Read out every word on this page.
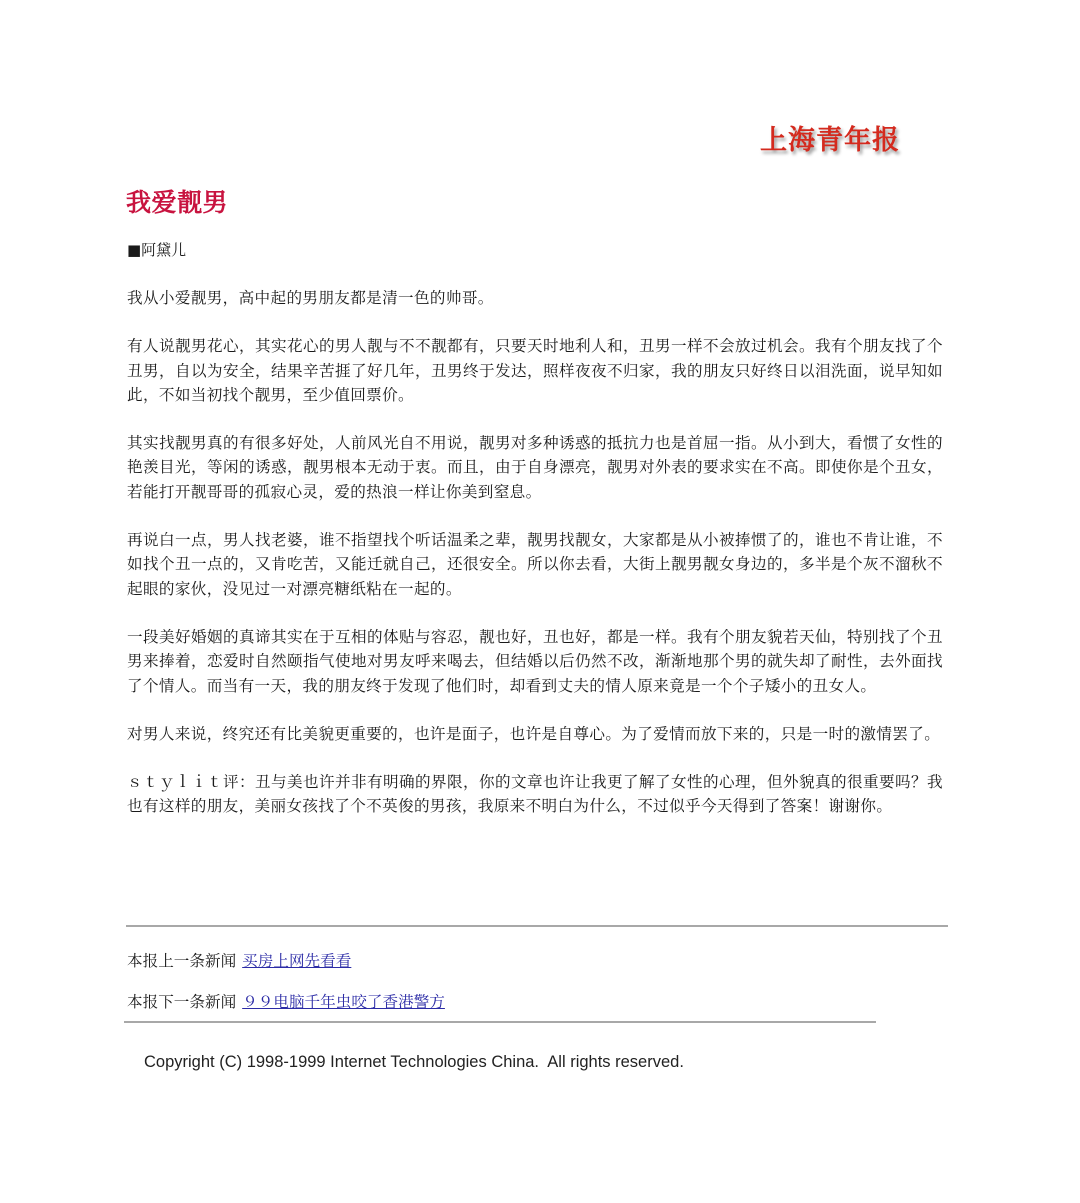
上海青年报
我爱靓男
■阿黛儿

我从小爱靓男，高中起的男朋友都是清一色的帅哥。

有人说靓男花心，其实花心的男人靓与不不靓都有，只要天时地利人和，丑男一样不会放过机会。我有个朋友找了个丑男，自以为安全，结果辛苦捱了好几年，丑男终于发达，照样夜夜不归家，我的朋友只好终日以泪洗面，说早知如此，不如当初找个靓男，至少值回票价。

其实找靓男真的有很多好处，人前风光自不用说，靓男对多种诱惑的抵抗力也是首屈一指。从小到大，看惯了女性的艳羡目光，等闲的诱惑，靓男根本无动于衷。而且，由于自身漂亮，靓男对外表的要求实在不高。即使你是个丑女，若能打开靓哥哥的孤寂心灵，爱的热浪一样让你美到窒息。

再说白一点，男人找老婆，谁不指望找个听话温柔之辈，靓男找靓女，大家都是从小被捧惯了的，谁也不肯让谁，不如找个丑一点的，又肯吃苦，又能迁就自己，还很安全。所以你去看，大街上靓男靓女身边的，多半是个灰不溜秋不起眼的家伙，没见过一对漂亮糖纸粘在一起的。

一段美好婚姻的真谛其实在于互相的体贴与容忍，靓也好，丑也好，都是一样。我有个朋友貌若天仙，特别找了个丑男来捧着，恋爱时自然颐指气使地对男友呼来喝去，但结婚以后仍然不改，渐渐地那个男的就失却了耐性，去外面找了个情人。而当有一天，我的朋友终于发现了他们时，却看到丈夫的情人原来竟是一个个子矮小的丑女人。

对男人来说，终究还有比美貌更重要的，也许是面子，也许是自尊心。为了爱情而放下来的，只是一时的激情罢了。

ｓｔｙｌｉｔ评：丑与美也许并非有明确的界限，你的文章也许让我更了解了女性的心理，但外貌真的很重要吗？我也有这样的朋友，美丽女孩找了个不英俊的男孩，我原来不明白为什么，不过似乎今天得到了答案！谢谢你。

本报上一条新闻 买房上网先看看
本报下一条新闻 ９９电脑千年虫咬了香港警方
Copyright (C) 1998-1999 Internet Technologies China.  All rights reserved.
